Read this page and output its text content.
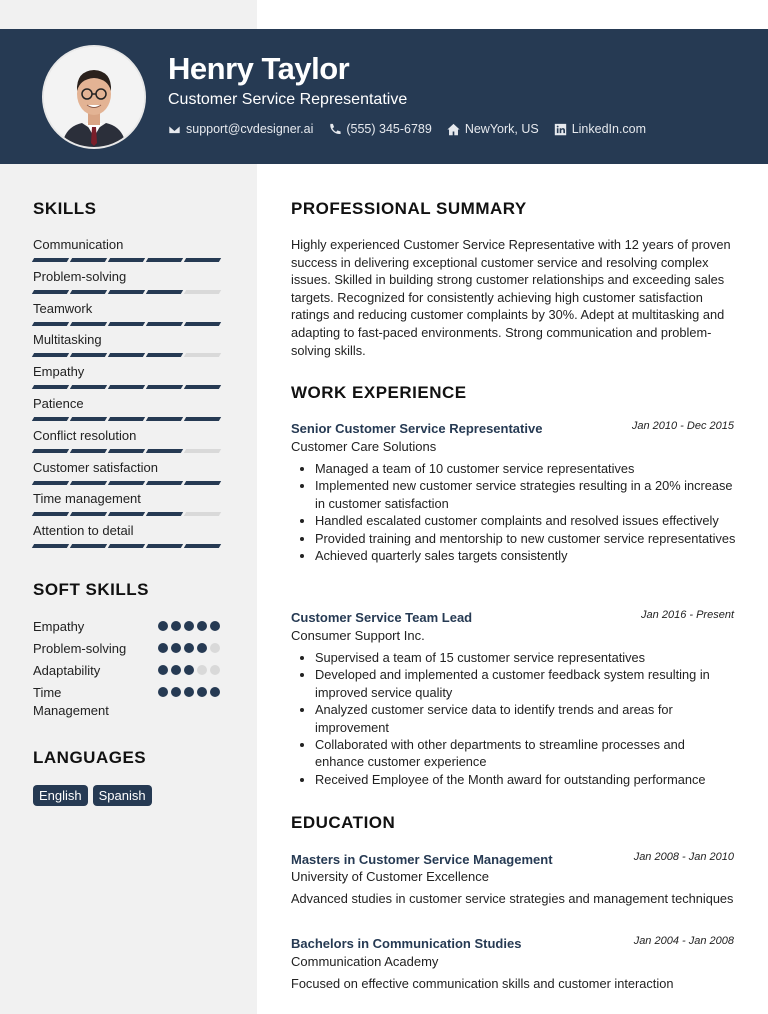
Henry Taylor
Customer Service Representative
support@cvdesigner.ai	(555) 345-6789	NewYork, US	LinkedIn.com
SKILLS
Communication
Problem-solving
Teamwork
Multitasking
Empathy
Patience
Conflict resolution
Customer satisfaction
Time management
Attention to detail
SOFT SKILLS
Empathy
Problem-solving
Adaptability
Time Management
LANGUAGES
English	Spanish
PROFESSIONAL SUMMARY
Highly experienced Customer Service Representative with 12 years of proven success in delivering exceptional customer service and resolving complex issues. Skilled in building strong customer relationships and exceeding sales targets. Recognized for consistently achieving high customer satisfaction ratings and reducing customer complaints by 30%. Adept at multitasking and adapting to fast-paced environments. Strong communication and problem-solving skills.
WORK EXPERIENCE
Senior Customer Service Representative	Jan 2010 - Dec 2015
Customer Care Solutions
• Managed a team of 10 customer service representatives
• Implemented new customer service strategies resulting in a 20% increase in customer satisfaction
• Handled escalated customer complaints and resolved issues effectively
• Provided training and mentorship to new customer service representatives
• Achieved quarterly sales targets consistently
Customer Service Team Lead	Jan 2016 - Present
Consumer Support Inc.
• Supervised a team of 15 customer service representatives
• Developed and implemented a customer feedback system resulting in improved service quality
• Analyzed customer service data to identify trends and areas for improvement
• Collaborated with other departments to streamline processes and enhance customer experience
• Received Employee of the Month award for outstanding performance
EDUCATION
Masters in Customer Service Management	Jan 2008 - Jan 2010
University of Customer Excellence
Advanced studies in customer service strategies and management techniques
Bachelors in Communication Studies	Jan 2004 - Jan 2008
Communication Academy
Focused on effective communication skills and customer interaction
